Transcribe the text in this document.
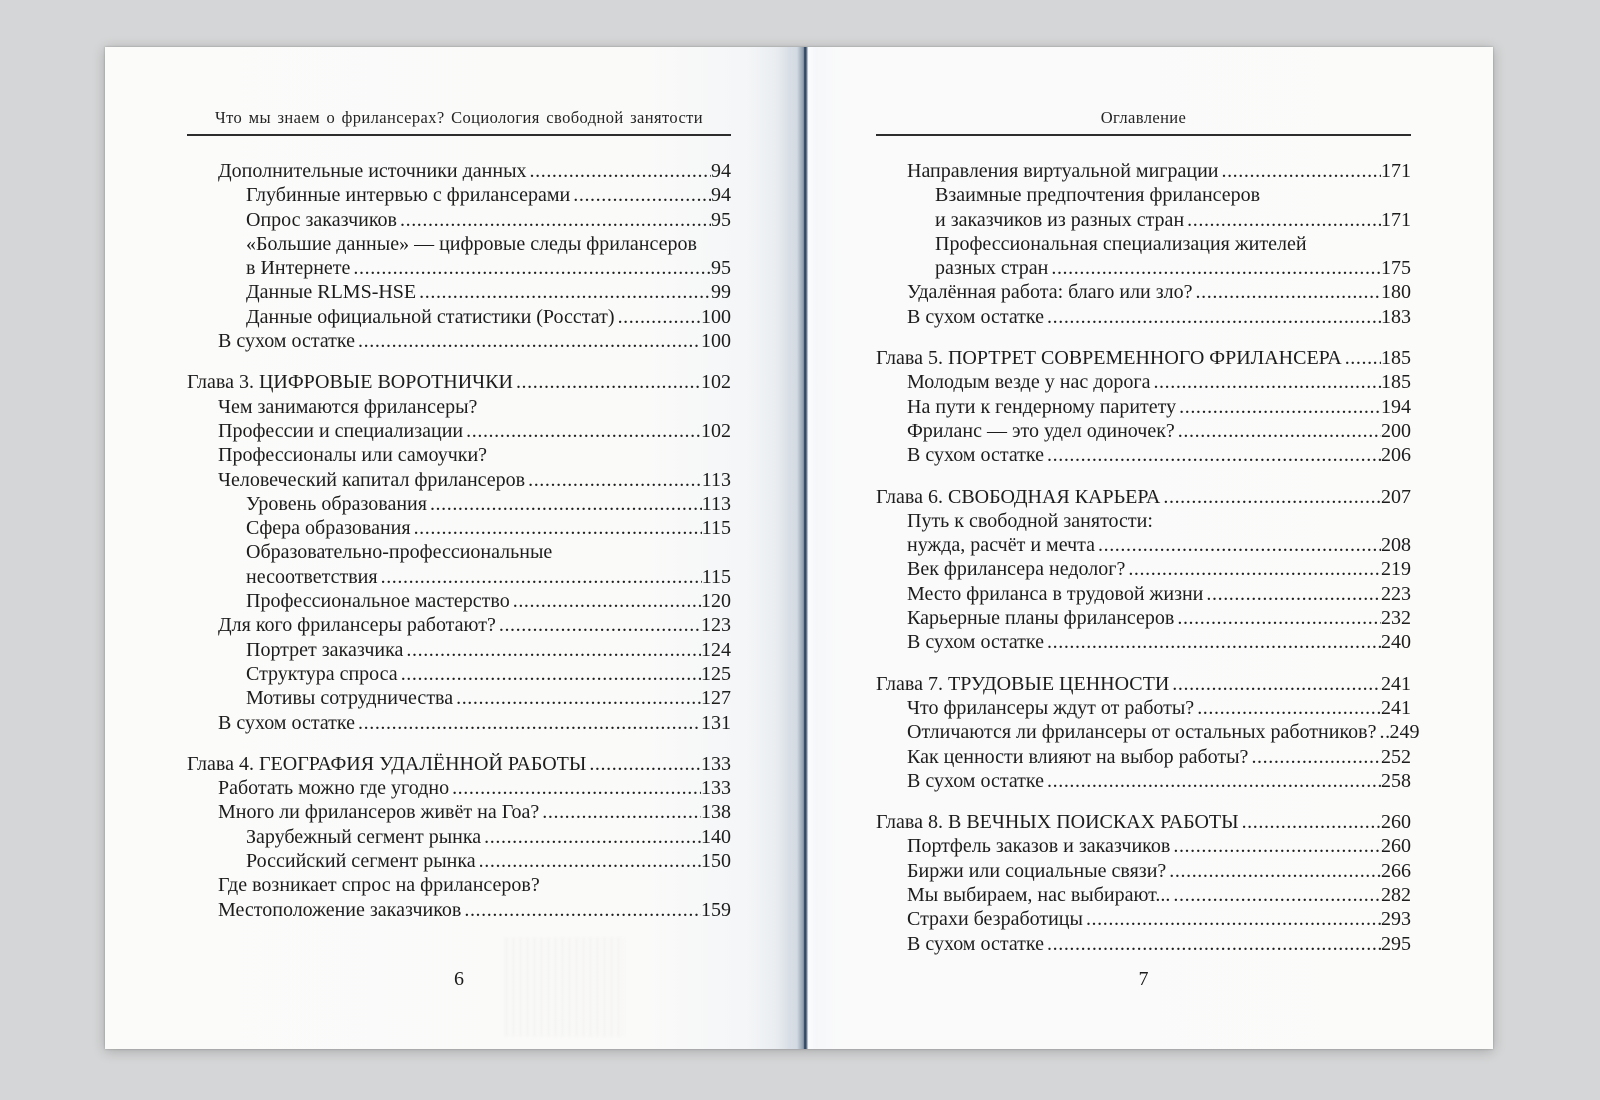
Что мы знаем о фрилансерах? Социология свободной занятости
Дополнительные источники данных .....	94
Глубинные интервью с фрилансерами .....	94
Опрос заказчиков .....	95
«Большие данные» — цифровые следы фрилансеров
в Интернете .....	95
Данные RLMS-HSE .....	99
Данные официальной статистики (Росстат) .....	100
В сухом остатке .....	100
Глава 3. ЦИФРОВЫЕ ВОРОТНИЧКИ .....	102
Чем занимаются фрилансеры?
Профессии и специализации .....	102
Профессионалы или самоучки?
Человеческий капитал фрилансеров .....	113
Уровень образования .....	113
Сфера образования .....	115
Образовательно-профессиональные
несоответствия .....	115
Профессиональное мастерство .....	120
Для кого фрилансеры работают? .....	123
Портрет заказчика .....	124
Структура спроса .....	125
Мотивы сотрудничества .....	127
В сухом остатке .....	131
Глава 4. ГЕОГРАФИЯ УДАЛЁННОЙ РАБОТЫ .....	133
Работать можно где угодно .....	133
Много ли фрилансеров живёт на Гоа? .....	138
Зарубежный сегмент рынка .....	140
Российский сегмент рынка .....	150
Где возникает спрос на фрилансеров?
Местоположение заказчиков .....	159
6
Оглавление
Направления виртуальной миграции .....	171
Взаимные предпочтения фрилансеров
и заказчиков из разных стран .....	171
Профессиональная специализация жителей
разных стран .....	175
Удалённая работа: благо или зло? .....	180
В сухом остатке .....	183
Глава 5. ПОРТРЕТ СОВРЕМЕННОГО ФРИЛАНСЕРА ..... 185
Молодым везде у нас дорога .....	185
На пути к гендерному паритету .....	194
Фриланс — это удел одиночек? .....	200
В сухом остатке .....	206
Глава 6. СВОБОДНАЯ КАРЬЕРА .....	207
Путь к свободной занятости:
нужда, расчёт и мечта .....	208
Век фрилансера недолог? .....	219
Место фриланса в трудовой жизни .....	223
Карьерные планы фрилансеров .....	232
В сухом остатке .....	240
Глава 7. ТРУДОВЫЕ ЦЕННОСТИ .....	241
Что фрилансеры ждут от работы? .....	241
Отличаются ли фрилансеры от остальных работников? ..... 249
Как ценности влияют на выбор работы? .....	252
В сухом остатке .....	258
Глава 8. В ВЕЧНЫХ ПОИСКАХ РАБОТЫ .....	260
Портфель заказов и заказчиков .....	260
Биржи или социальные связи? .....	266
Мы выбираем, нас выбирают... .....	282
Страхи безработицы .....	293
В сухом остатке .....	295
7
